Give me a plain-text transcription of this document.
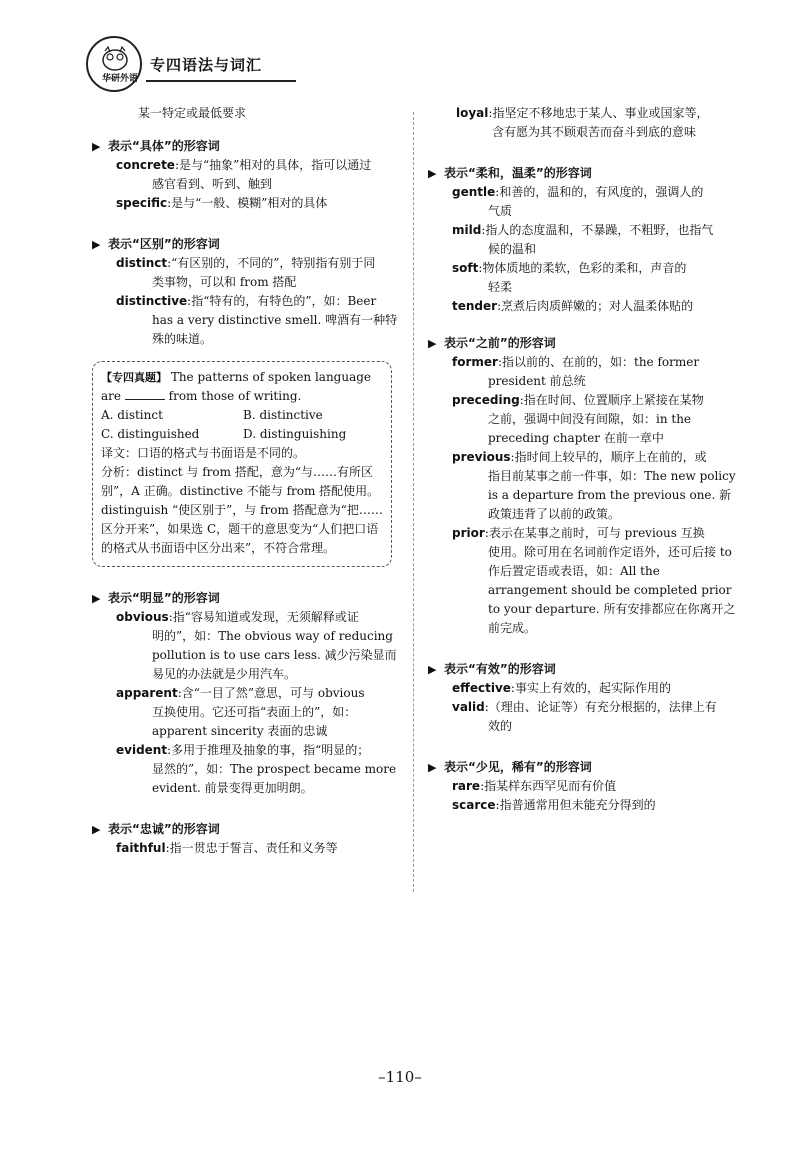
华研外语
专四语法与词汇
某一特定或最低要求
▶ 表示“具体”的形容词
concrete:是与“抽象”相对的具体，指可以通过
感官看到、听到、触到
specific:是与“一般、模糊”相对的具体
▶ 表示“区别”的形容词
distinct:“有区别的，不同的”，特别指有别于同
类事物，可以和 from 搭配
distinctive:指“特有的，有特色的”，如：Beer
has a very distinctive smell. 啤酒有一种特殊的味道。
【专四真题】 The patterns of spoken language are	from those of writing.
A. distinct	B. distinctive
C. distinguished	D. distinguishing
译文：口语的格式与书面语是不同的。
分析：distinct 与 from 搭配，意为“与……有所区别”，A 正确。distinctive 不能与 from 搭配使用。distinguish “使区别于”，与 from 搭配意为“把……区分开来”，如果选 C，题干的意思变为“人们把口语的格式从书面语中区分出来”，不符合常理。
▶ 表示“明显”的形容词
obvious:指“容易知道或发现，无须解释或证
明的”，如：The obvious way of reducing pollution is to use cars less. 减少污染显而易见的办法就是少用汽车。
apparent:含“一目了然”意思，可与 obvious
互换使用。它还可指“表面上的”，如：apparent sincerity 表面的忠诚
evident:多用于推理及抽象的事，指“明显的；
显然的”，如：The prospect became more evident. 前景变得更加明朗。
▶ 表示“忠诚”的形容词
faithful:指一贯忠于誓言、责任和义务等
loyal:指坚定不移地忠于某人、事业或国家等，
含有愿为其不顾艰苦而奋斗到底的意味
▶ 表示“柔和，温柔”的形容词
gentle:和善的，温和的，有风度的，强调人的
气质
mild:指人的态度温和，不暴躁，不粗野，也指气
候的温和
soft:物体质地的柔软，色彩的柔和，声音的
轻柔
tender:烹煮后肉质鲜嫩的；对人温柔体贴的
▶ 表示“之前”的形容词
former:指以前的、在前的，如：the former
president 前总统
preceding:指在时间、位置顺序上紧接在某物
之前，强调中间没有间隙，如：in the preceding chapter 在前一章中
previous:指时间上较早的，顺序上在前的，或
指目前某事之前一件事，如：The new policy is a departure from the previous one. 新政策违背了以前的政策。
prior:表示在某事之前时，可与 previous 互换
使用。除可用在名词前作定语外，还可后接 to 作后置定语或表语，如：All the arrangement should be completed prior to your departure. 所有安排都应在你离开之前完成。
▶ 表示“有效”的形容词
effective:事实上有效的，起实际作用的
valid:（理由、论证等）有充分根据的，法律上有
效的
▶ 表示“少见，稀有”的形容词
rare:指某样东西罕见而有价值
scarce:指普通常用但未能充分得到的
–110–
